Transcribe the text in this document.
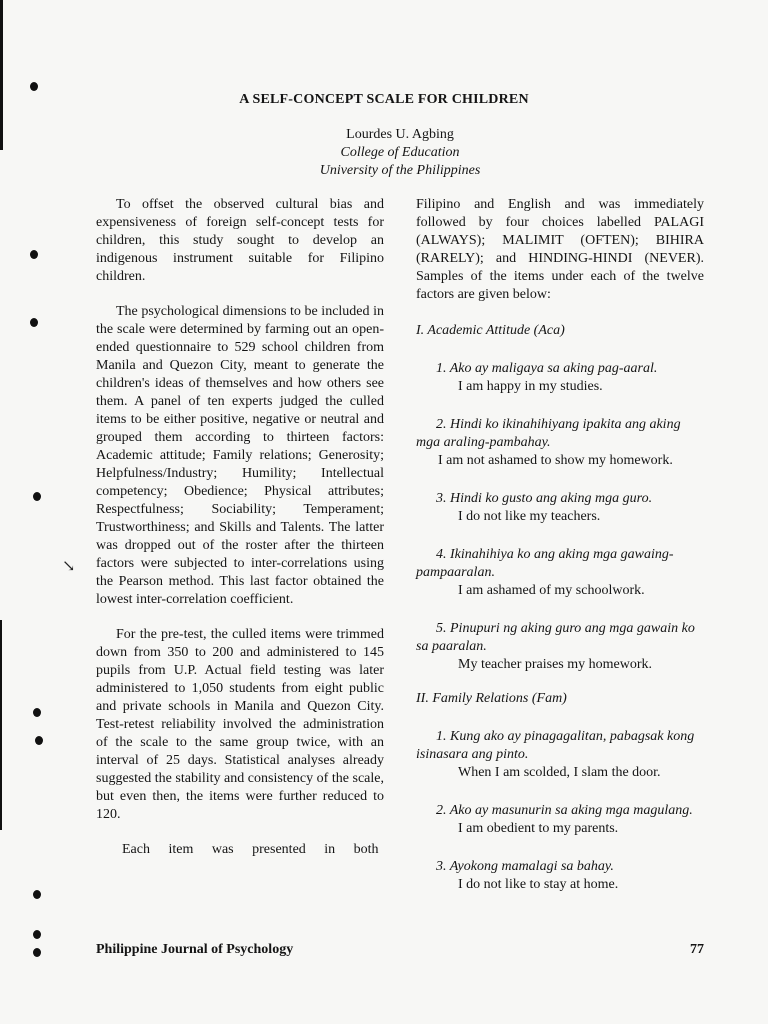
↘
A SELF-CONCEPT SCALE FOR CHILDREN
Lourdes U. Agbing
College of Education
University of the Philippines

To offset the observed cultural bias and expensiveness of foreign self-concept tests for children, this study sought to develop an indigenous instrument suitable for Filipino children.

The psychological dimensions to be included in the scale were determined by farming out an open-ended questionnaire to 529 school children from Manila and Quezon City, meant to generate the children's ideas of themselves and how others see them. A panel of ten experts judged the culled items to be either positive, negative or neutral and grouped them according to thirteen factors: Academic attitude; Family relations; Generosity; Helpfulness/Industry; Humility; Intellectual competency; Obedience; Physical attributes; Respectfulness; Sociability; Temperament; Trustworthiness; and Skills and Talents. The latter was dropped out of the roster after the thirteen factors were subjected to inter-correlations using the Pearson method. This last factor obtained the lowest inter-correlation coefficient.

For the pre-test, the culled items were trimmed down from 350 to 200 and administered to 145 pupils from U.P. Actual field testing was later administered to 1,050 students from eight public and private schools in Manila and Quezon City. Test-retest reliability involved the administration of the scale to the same group twice, with an interval of 25 days. Statistical analyses already suggested the stability and consistency of the scale, but even then, the items were further reduced to 120.

Each item was presented in both

Filipino and English and was immediately followed by four choices labelled PALAGI (ALWAYS); MALIMIT (OFTEN); BIHIRA (RARELY); and HINDING-HINDI (NEVER). Samples of the items under each of the twelve factors are given below:

I. Academic Attitude (Aca)
1. Ako ay maligaya sa aking pag-aaral.
I am happy in my studies.
2. Hindi ko ikinahihiyang ipakita ang aking mga araling-pambahay.
I am not ashamed to show my homework.
3. Hindi ko gusto ang aking mga guro.
I do not like my teachers.
4. Ikinahihiya ko ang aking mga gawaing-pampaaralan.
I am ashamed of my schoolwork.
5. Pinupuri ng aking guro ang mga gawain ko sa paaralan.
My teacher praises my homework.
II. Family Relations (Fam)
1. Kung ako ay pinagagalitan, pabagsak kong isinasara ang pinto.
When I am scolded, I slam the door.
2. Ako ay masunurin sa aking mga magulang.
I am obedient to my parents.
3. Ayokong mamalagi sa bahay.
I do not like to stay at home.
Philippine Journal of Psychology	77
